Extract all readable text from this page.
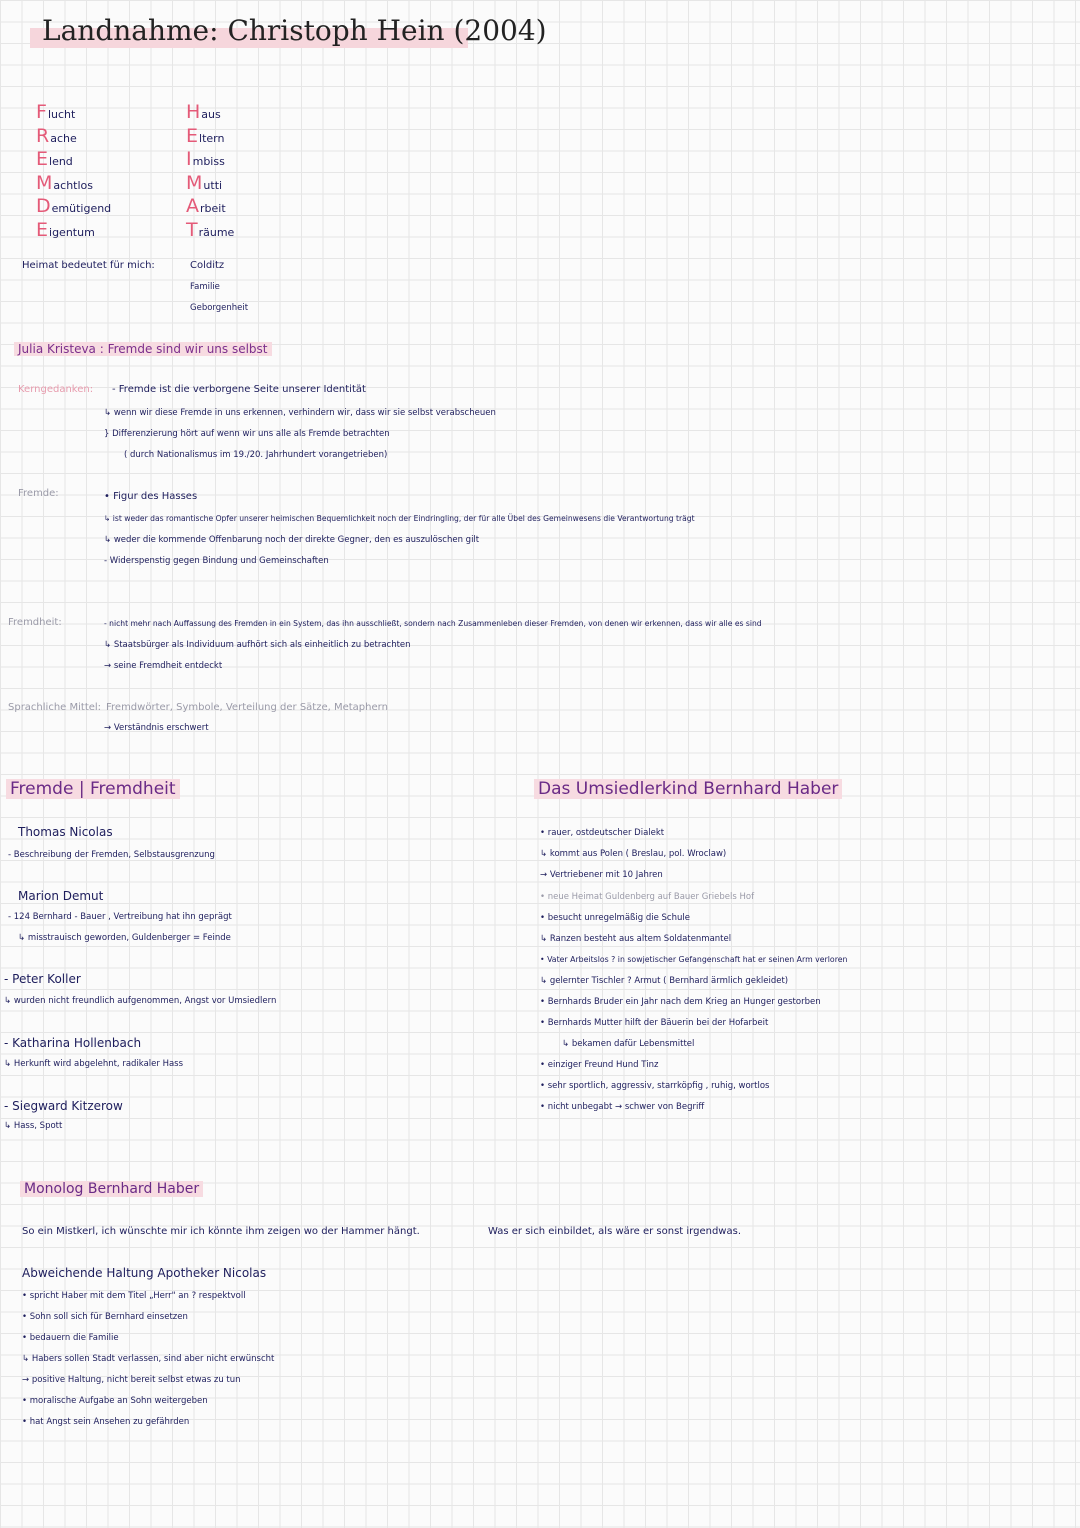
Landnahme: Christoph Hein (2004)
Flucht
Rache
Elend
Machtlos
Demütigend
Eigentum
Haus
Eltern
Imbiss
Mutti
Arbeit
Träume
Heimat bedeutet für mich:	Colditz
Familie
Geborgenheit
Julia Kristeva : Fremde sind wir uns selbst
Kerngedanken: - Fremde ist die verborgene Seite unserer Identität
↳ wenn wir diese Fremde in uns erkennen, verhindern wir, dass wir sie selbst verabscheuen
} Differenzierung hört auf wenn wir uns alle als Fremde betrachten
( durch Nationalismus im 19./20. Jahrhundert vorangetrieben)
Fremde:	• Figur des Hasses
↳ ist weder das romantische Opfer unserer heimischen Bequemlichkeit noch der Eindringling, der für alle Übel des Gemeinwesens die Verantwortung trägt
↳ weder die kommende Offenbarung noch der direkte Gegner, den es auszulöschen gilt
- Widerspenstig gegen Bindung und Gemeinschaften
Fremdheit:	- nicht mehr nach Auffassung des Fremden in ein System, das ihn ausschließt, sondern nach Zusammenleben dieser Fremden, von denen wir erkennen, dass wir alle es sind
↳ Staatsbürger als Individuum aufhört sich als einheitlich zu betrachten
→ seine Fremdheit entdeckt
Sprachliche Mittel: Fremdwörter, Symbole, Verteilung der Sätze, Metaphern
→ Verständnis erschwert
Fremde | Fremdheit
Thomas Nicolas
- Beschreibung der Fremden, Selbstausgrenzung
Marion Demut
- 124 Bernhard - Bauer , Vertreibung hat ihn geprägt
↳ misstrauisch geworden, Guldenberger = Feinde
- Peter Koller
↳ wurden nicht freundlich aufgenommen, Angst vor Umsiedlern
- Katharina Hollenbach
↳ Herkunft wird abgelehnt, radikaler Hass
- Siegward Kitzerow
↳ Hass, Spott
Das Umsiedlerkind Bernhard Haber
• rauer, ostdeutscher Dialekt
↳ kommt aus Polen ( Breslau, pol. Wroclaw)
→ Vertriebener mit 10 Jahren
• neue Heimat Guldenberg auf Bauer Griebels Hof
• besucht unregelmäßig die Schule
↳ Ranzen besteht aus altem Soldatenmantel
• Vater Arbeitslos ? in sowjetischer Gefangenschaft hat er seinen Arm verloren
↳ gelernter Tischler ? Armut ( Bernhard ärmlich gekleidet)
• Bernhards Bruder ein Jahr nach dem Krieg an Hunger gestorben
• Bernhards Mutter hilft der Bäuerin bei der Hofarbeit
↳ bekamen dafür Lebensmittel
• einziger Freund Hund Tinz
• sehr sportlich, aggressiv, starrköpfig , ruhig, wortlos
• nicht unbegabt → schwer von Begriff
Monolog Bernhard Haber
So ein Mistkerl, ich wünschte mir ich könnte ihm zeigen wo der Hammer hängt.	Was er sich einbildet, als wäre er sonst irgendwas.
Abweichende Haltung Apotheker Nicolas
• spricht Haber mit dem Titel „Herr" an ? respektvoll
• Sohn soll sich für Bernhard einsetzen
• bedauern die Familie
↳ Habers sollen Stadt verlassen, sind aber nicht erwünscht
→ positive Haltung, nicht bereit selbst etwas zu tun
• moralische Aufgabe an Sohn weitergeben
• hat Angst sein Ansehen zu gefährden
